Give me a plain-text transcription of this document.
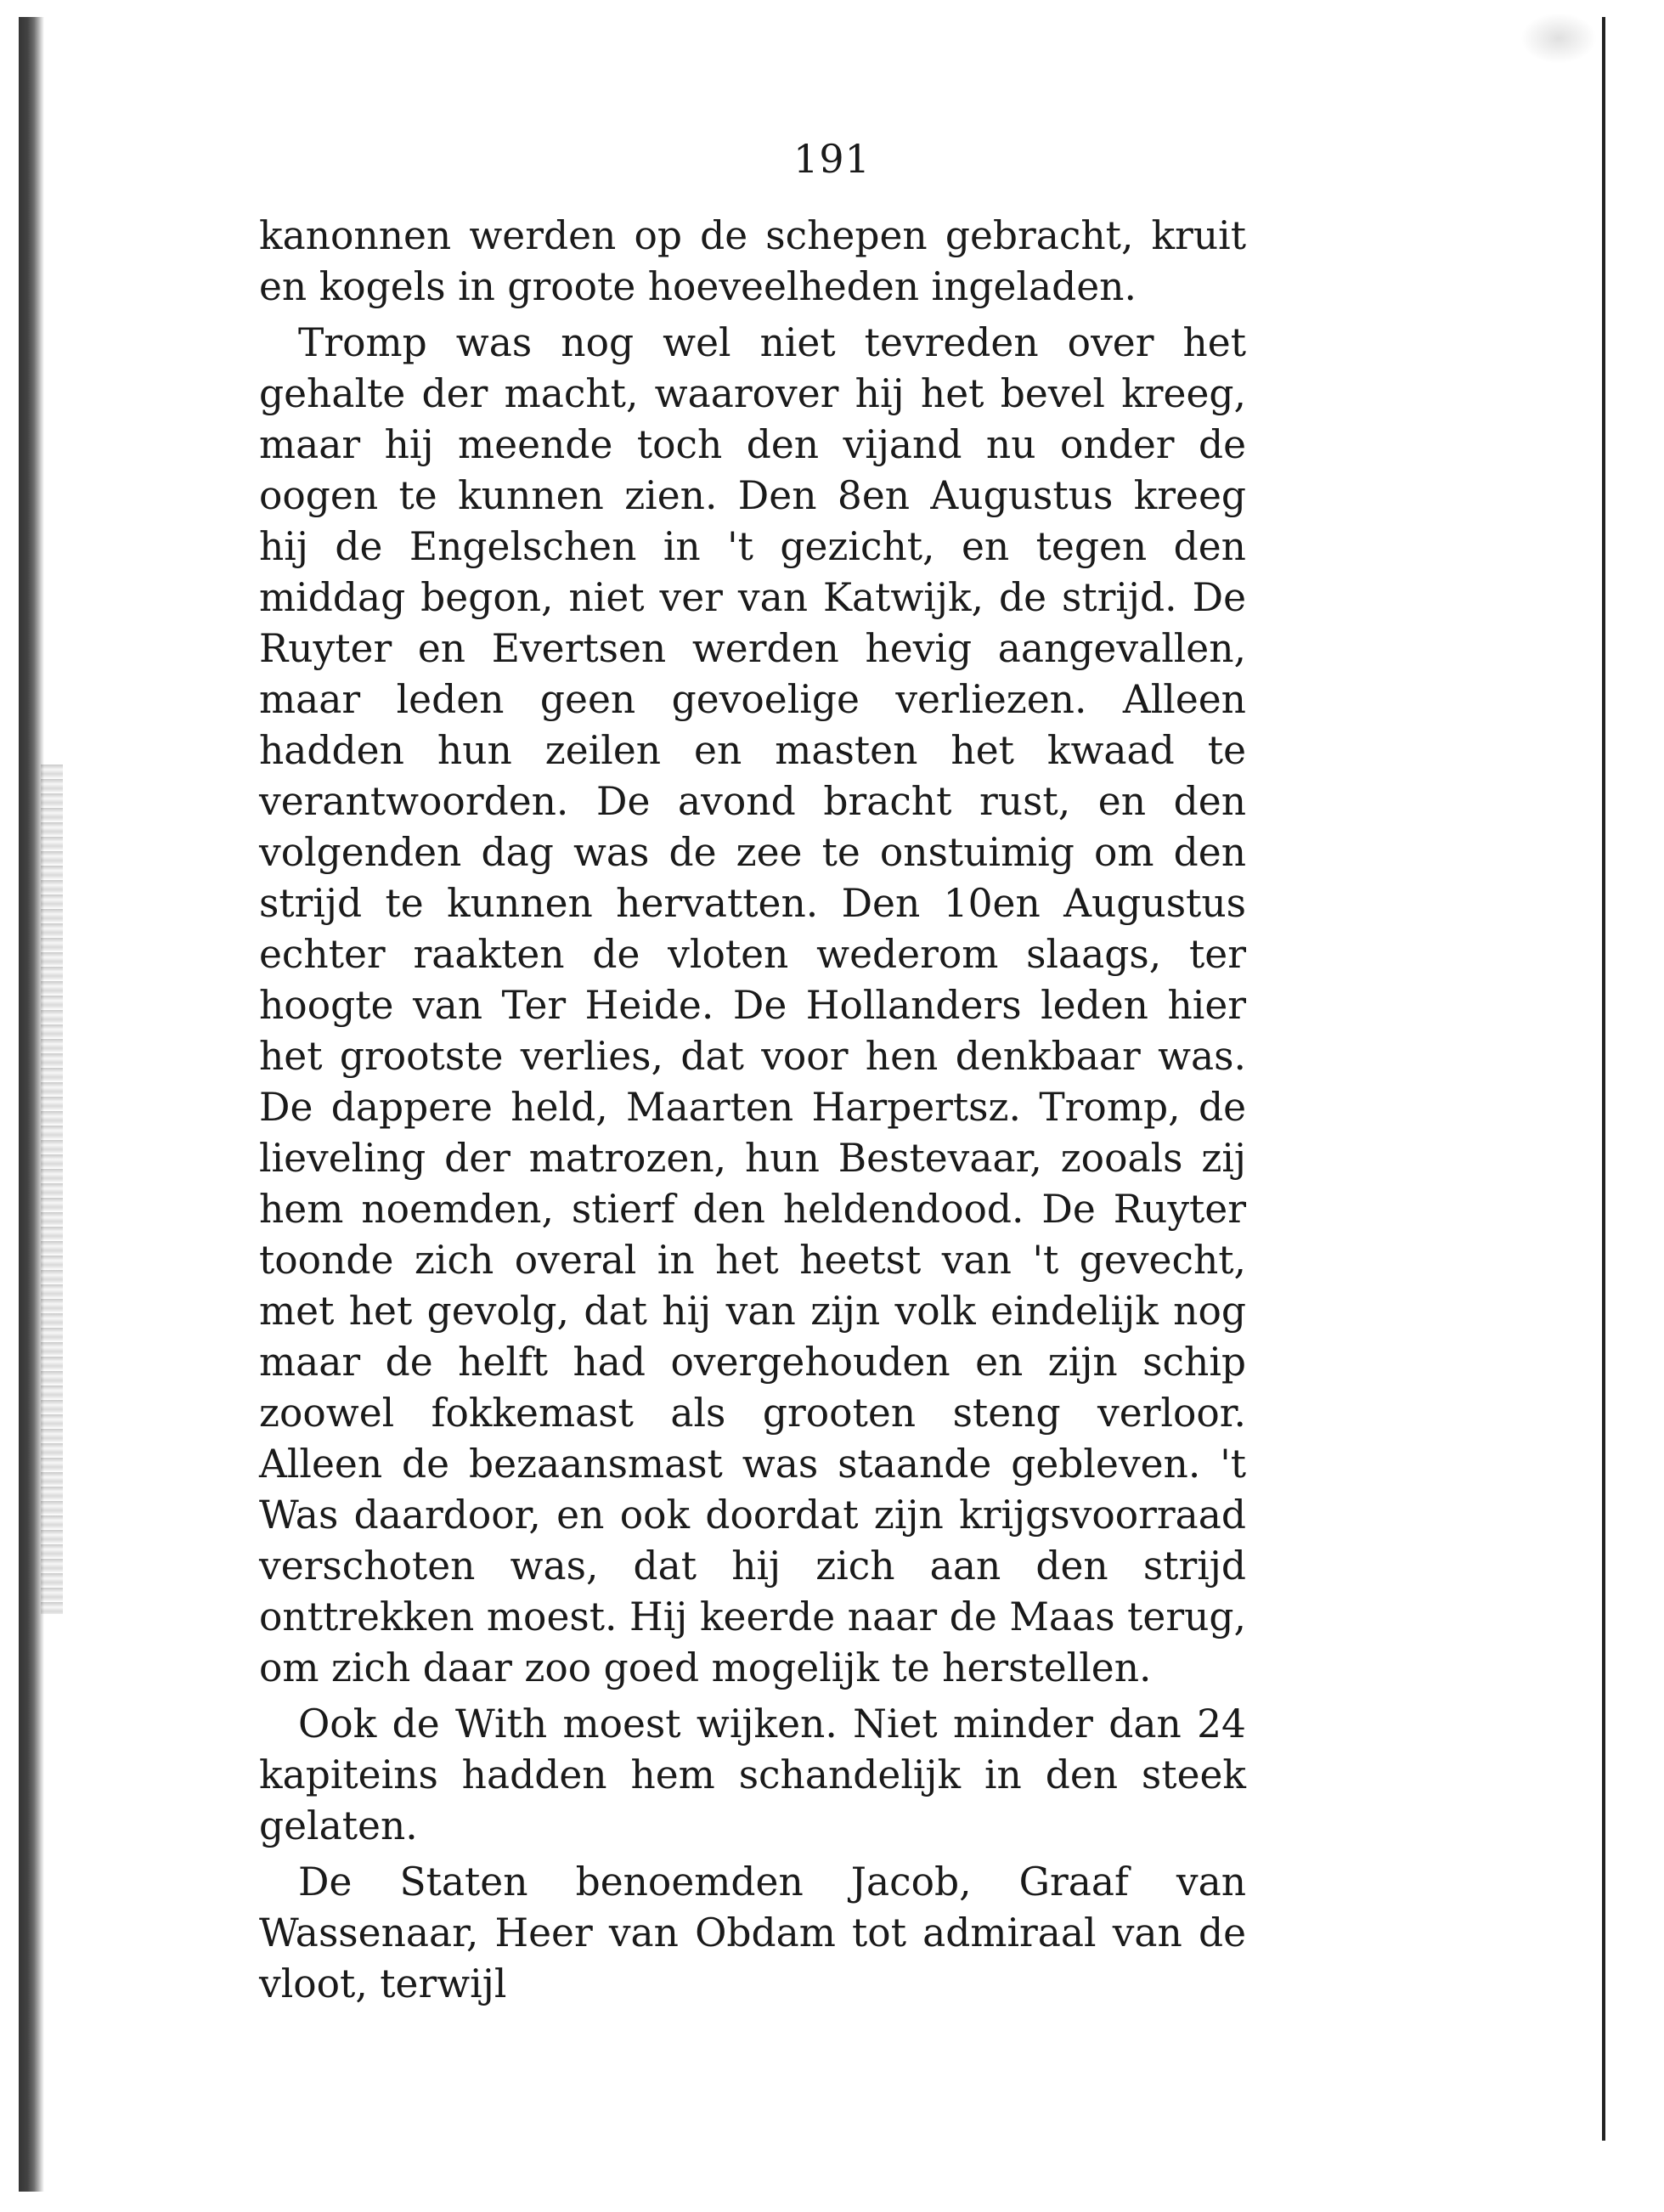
191

kanonnen werden op de schepen gebracht, kruit en kogels in groote hoeveelheden ingeladen.

Tromp was nog wel niet tevreden over het gehalte der macht, waarover hij het bevel kreeg, maar hij meende toch den vijand nu onder de oogen te kunnen zien. Den 8en Augustus kreeg hij de Engelschen in 't gezicht, en tegen den middag begon, niet ver van Katwijk, de strijd. De Ruyter en Evertsen werden hevig aangevallen, maar leden geen gevoelige verliezen. Alleen hadden hun zeilen en masten het kwaad te verantwoorden. De avond bracht rust, en den volgenden dag was de zee te onstuimig om den strijd te kunnen hervatten. Den 10en Augustus echter raakten de vloten wederom slaags, ter hoogte van Ter Heide. De Hollanders leden hier het grootste verlies, dat voor hen denkbaar was. De dappere held, Maarten Harpertsz. Tromp, de lieveling der matrozen, hun Bestevaar, zooals zij hem noemden, stierf den heldendood. De Ruyter toonde zich overal in het heetst van 't gevecht, met het gevolg, dat hij van zijn volk eindelijk nog maar de helft had overgehouden en zijn schip zoowel fokkemast als grooten steng verloor. Alleen de bezaansmast was staande gebleven. 't Was daardoor, en ook doordat zijn krijgsvoorraad verschoten was, dat hij zich aan den strijd onttrekken moest. Hij keerde naar de Maas terug, om zich daar zoo goed mogelijk te herstellen.

Ook de With moest wijken. Niet minder dan 24 kapiteins hadden hem schandelijk in den steek gelaten.

De Staten benoemden Jacob, Graaf van Wassenaar, Heer van Obdam tot admiraal van de vloot, terwijl
